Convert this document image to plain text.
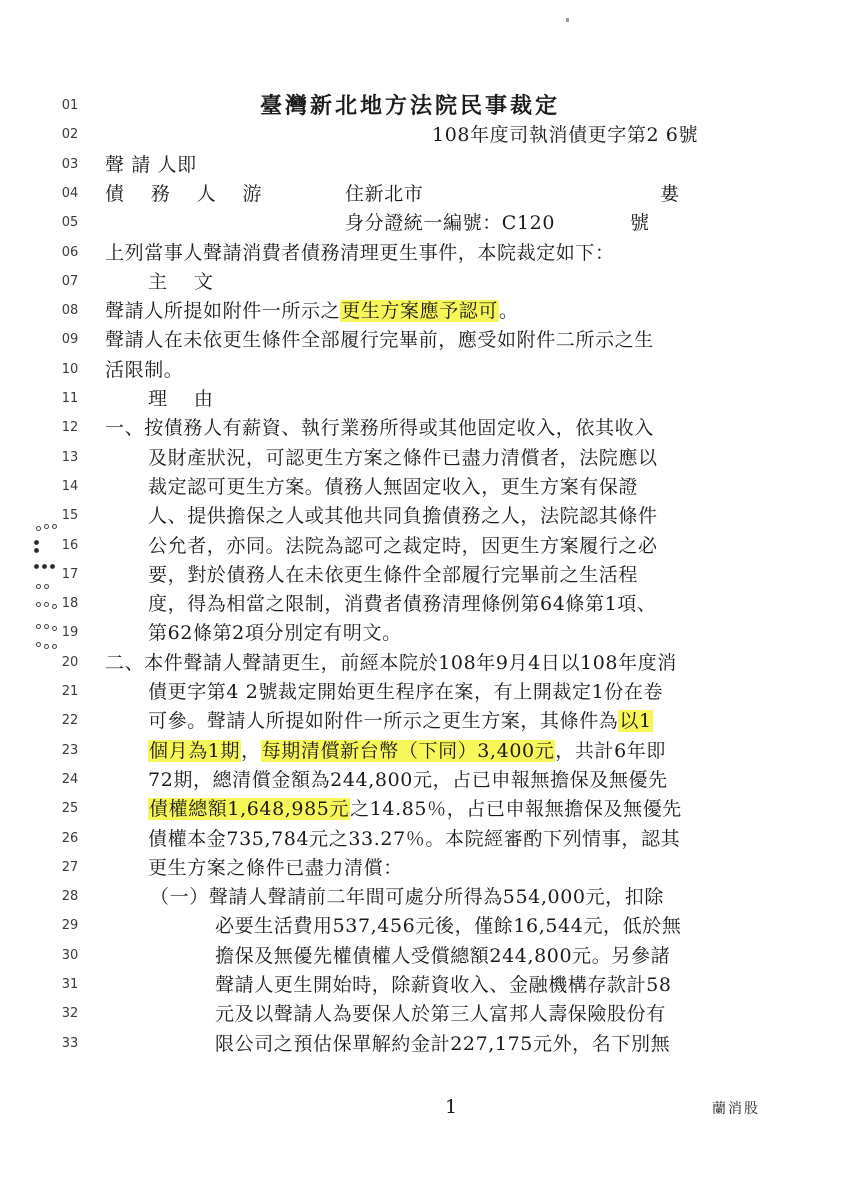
01	臺灣新北地方法院民事裁定
02	108年度司執消債更字第2 6號
03	聲 請 人即
04	債　 務　 人　 游	住新北市	婁
05	身分證統一編號：C120	號
06	上列當事人聲請消費者債務清理更生事件，本院裁定如下：
07	主　 文
08	聲請人所提如附件一所示之更生方案應予認可。
09	聲請人在未依更生條件全部履行完畢前，應受如附件二所示之生
10	活限制。
11	理　 由
12	一、按債務人有薪資、執行業務所得或其他固定收入，依其收入
13	及財產狀況，可認更生方案之條件已盡力清償者，法院應以
14	裁定認可更生方案。債務人無固定收入，更生方案有保證
15	人、提供擔保之人或其他共同負擔債務之人，法院認其條件
16	公允者，亦同。法院為認可之裁定時，因更生方案履行之必
17	要，對於債務人在未依更生條件全部履行完畢前之生活程
18	度，得為相當之限制，消費者債務清理條例第64條第1項、
19	第62條第2項分別定有明文。
20	二、本件聲請人聲請更生，前經本院於108年9月4日以108年度消
21	債更字第4 2號裁定開始更生程序在案，有上開裁定1份在卷
22	可參。聲請人所提如附件一所示之更生方案，其條件為以1
23	個月為1期，每期清償新台幣（下同）3,400元，共計6年即
24	72期，總清償金額為244,800元，占已申報無擔保及無優先
25	債權總額1,648,985元之14.85％，占已申報無擔保及無優先
26	債權本金735,784元之33.27％。本院經審酌下列情事，認其
27	更生方案之條件已盡力清償：
28	（一）聲請人聲請前二年間可處分所得為554,000元，扣除
29	必要生活費用537,456元後，僅餘16,544元，低於無
30	擔保及無優先權債權人受償總額244,800元。另參諸
31	聲請人更生開始時，除薪資收入、金融機構存款計58
32	元及以聲請人為要保人於第三人富邦人壽保險股份有
33	限公司之預估保單解約金計227,175元外，名下別無
1	蘭消股
